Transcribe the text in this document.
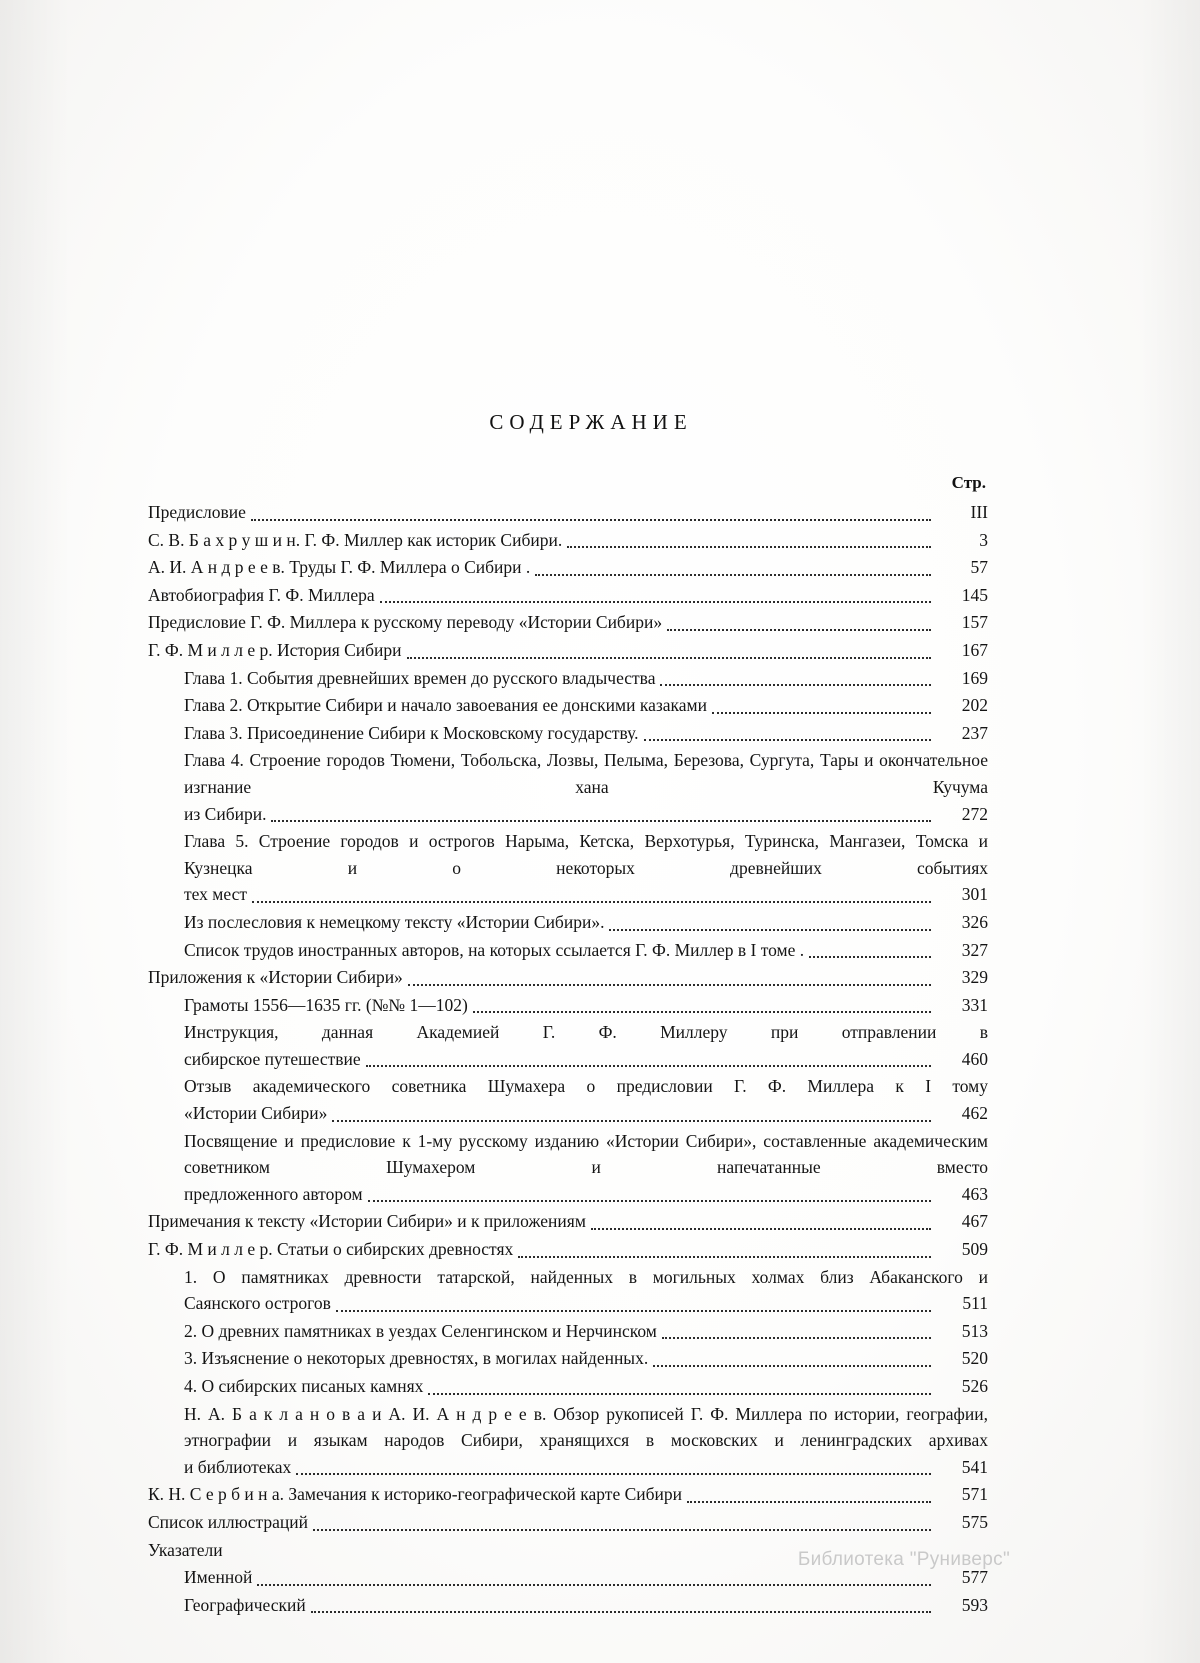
СОДЕРЖАНИЕ
Стр.
Предисловие	III
С. В. Б а х р у ш и н. Г. Ф. Миллер как историк Сибири.	3
А. И. А н д р е е в. Труды Г. Ф. Миллера о Сибири .	57
Автобиография Г. Ф. Миллера	145
Предисловие Г. Ф. Миллера к русскому переводу «Истории Сибири»	157
Г. Ф. М и л л е р. История Сибири	167
Глава 1. События древнейших времен до русского владычества	169
Глава 2. Открытие Сибири и начало завоевания ее донскими казаками	202
Глава 3. Присоединение Сибири к Московскому государству.	237
Глава 4. Строение городов Тюмени, Тобольска, Лозвы, Пелыма, Березова, Сургута, Тары и окончательное изгнание хана Кучума
из Сибири.	272
Глава 5. Строение городов и острогов Нарыма, Кетска, Верхотурья, Туринска, Мангазеи, Томска и Кузнецка и о некоторых древнейших событиях
тех мест	301
Из послесловия к немецкому тексту «Истории Сибири».	326
Список трудов иностранных авторов, на которых ссылается Г. Ф. Миллер в I томе .	327
Приложения к «Истории Сибири»	329
Грамоты 1556—1635 гг. (№№ 1—102)	331
Инструкция, данная Академией Г. Ф. Миллеру при отправлении в
сибирское путешествие	460
Отзыв академического советника Шумахера о предисловии Г. Ф. Миллера к I тому
«Истории Сибири»	462
Посвящение и предисловие к 1-му русскому изданию «Истории Сибири», составленные академическим советником Шумахером и напечатанные вместо
предложенного автором	463
Примечания к тексту «Истории Сибири» и к приложениям	467
Г. Ф. М и л л е р. Статьи о сибирских древностях	509
1. О памятниках древности татарской, найденных в могильных холмах близ Абаканского и
Саянского острогов	511
2. О древних памятниках в уездах Селенгинском и Нерчинском	513
3. Изъяснение о некоторых древностях, в могилах найденных.	520
4. О сибирских писаных камнях	526
Н. А. Б а к л а н о в а и А. И. А н д р е е в. Обзор рукописей Г. Ф. Миллера по истории, географии, этнографии и языкам народов Сибири, хранящихся в московских и ленинградских архивах
и библиотеках	541
К. Н. С е р б и н а. Замечания к историко-географической карте Сибири	571
Список иллюстраций	575
Указатели
Именной	577
Географический	593
Библиотека "Руниверс"
